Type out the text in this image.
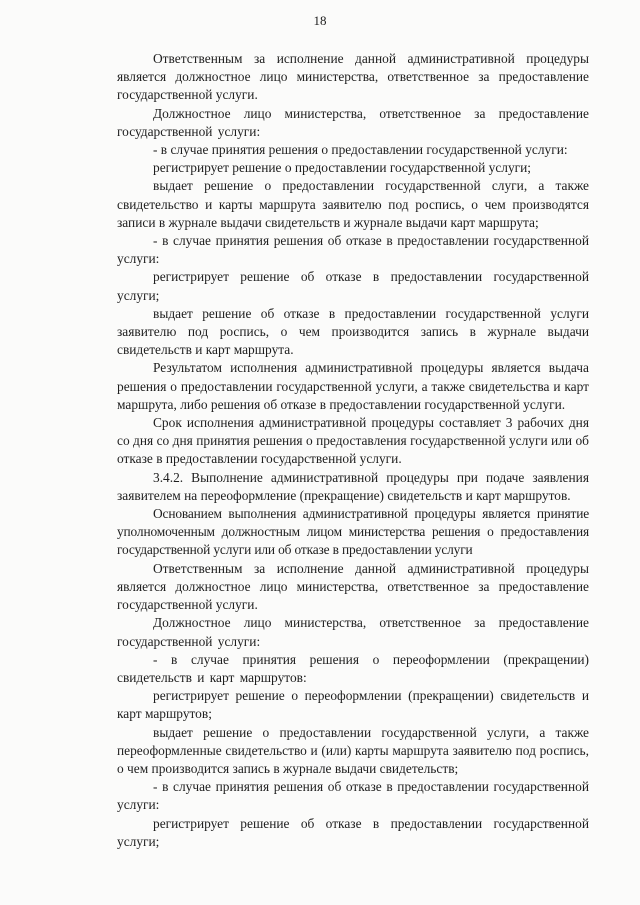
18

Ответственным за исполнение данной административной процедуры является должностное лицо министерства, ответственное за предоставление государственной услуги.

Должностное лицо министерства, ответственное за предоставление государственной услуги:

- в случае принятия решения о предоставлении государственной услуги:

регистрирует решение о предоставлении государственной услуги;

выдает решение о предоставлении государственной слуги, а также свидетельство и карты маршрута заявителю под роспись, о чем производятся записи в журнале выдачи свидетельств и журнале выдачи карт маршрута;

- в случае принятия решения об отказе в предоставлении государственной услуги:

регистрирует решение об отказе в предоставлении государственной услуги;

выдает решение об отказе в предоставлении государственной услуги заявителю под роспись, о чем производится запись в журнале выдачи свидетельств и карт маршрута.

Результатом исполнения административной процедуры является выдача решения о предоставлении государственной услуги, а также свидетельства и карт маршрута, либо решения об отказе в предоставлении государственной услуги.

Срок исполнения административной процедуры составляет 3 рабочих дня со дня со дня принятия решения о предоставления государственной услуги или об отказе в предоставлении государственной услуги.

3.4.2. Выполнение административной процедуры при подаче заявления заявителем на переоформление (прекращение) свидетельств и карт маршрутов.

Основанием выполнения административной процедуры является принятие уполномоченным должностным лицом министерства решения о предоставления государственной услуги или об отказе в предоставлении услуги

Ответственным за исполнение данной административной процедуры является должностное лицо министерства, ответственное за предоставление государственной услуги.

Должностное лицо министерства, ответственное за предоставление государственной услуги:

- в случае принятия решения о переоформлении (прекращении) свидетельств и карт маршрутов:

регистрирует решение о переоформлении (прекращении) свидетельств и карт маршрутов;

выдает решение о предоставлении государственной услуги, а также переоформленные свидетельство и (или) карты маршрута заявителю под роспись, о чем производится запись в журнале выдачи свидетельств;

- в случае принятия решения об отказе в предоставлении государственной услуги:

регистрирует решение об отказе в предоставлении государственной услуги;
